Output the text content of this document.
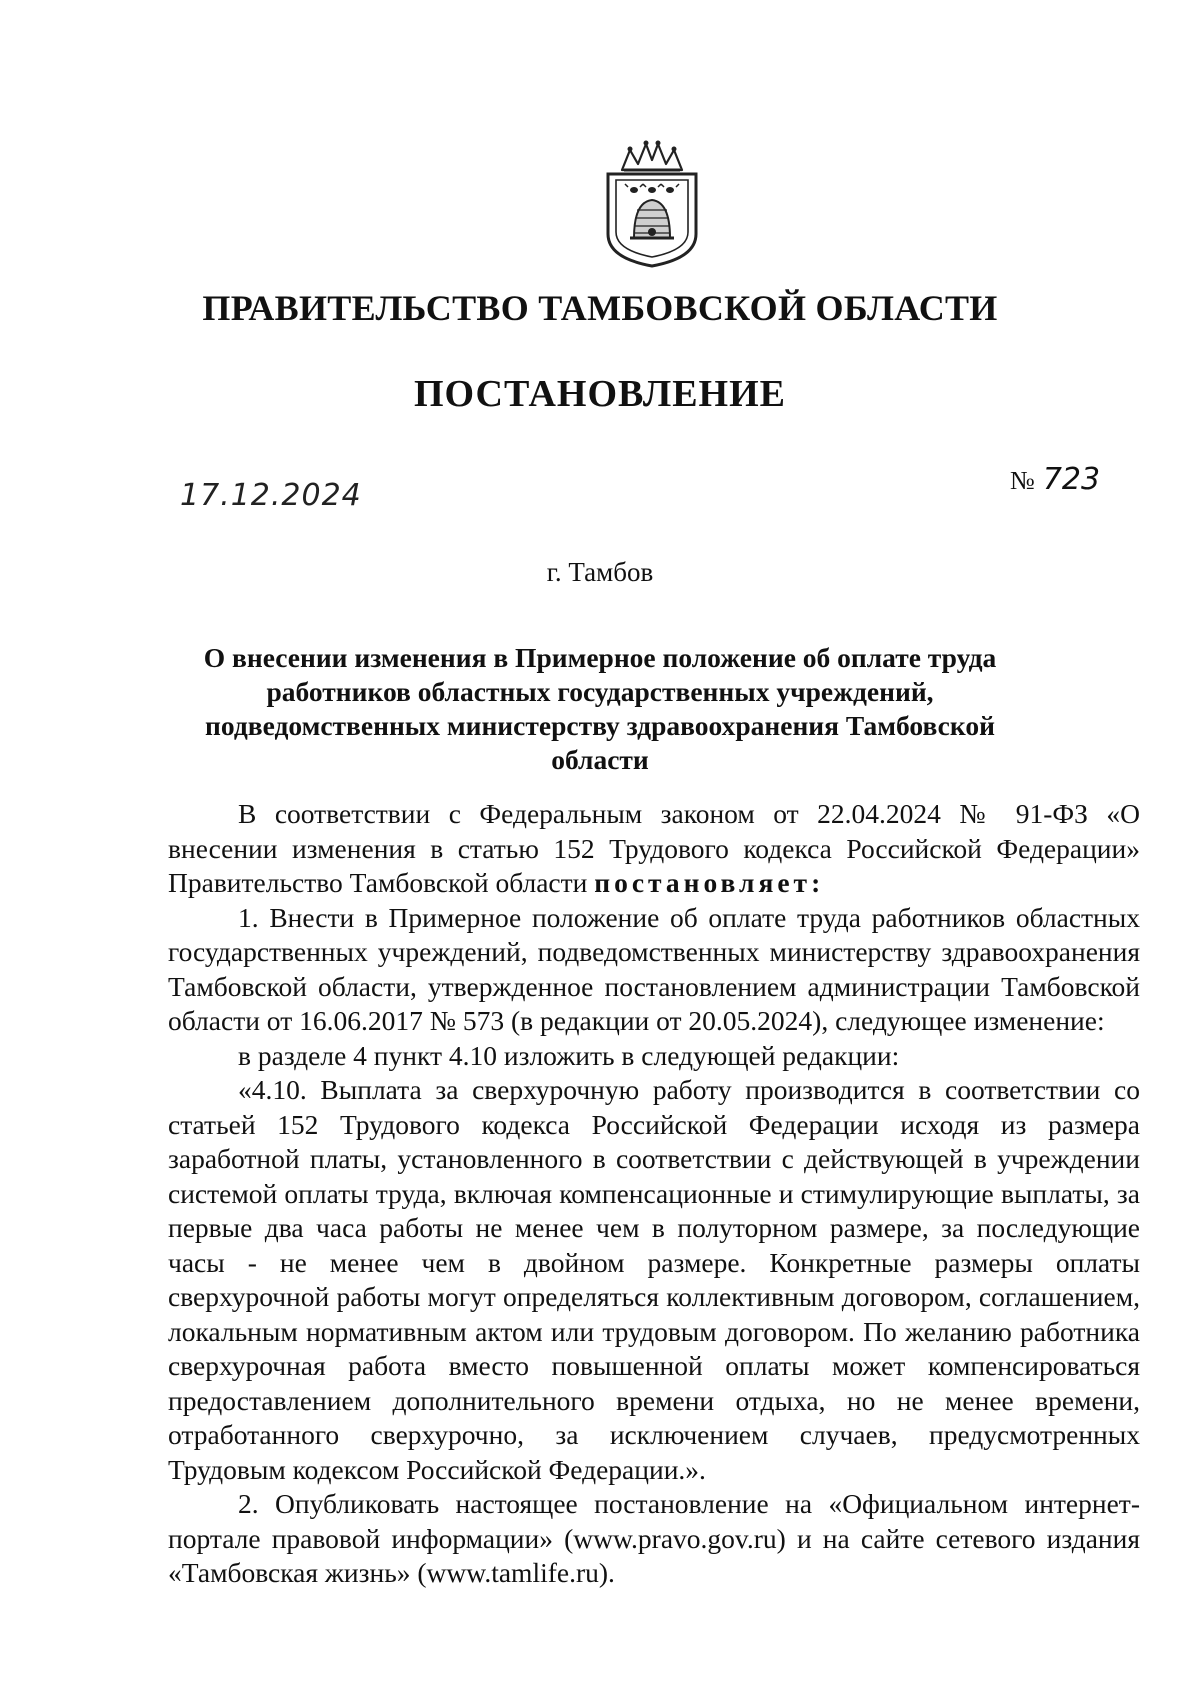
ПРАВИТЕЛЬСТВО ТАМБОВСКОЙ ОБЛАСТИ
ПОСТАНОВЛЕНИЕ
17.12.2024	№ 723
г. Тамбов
О внесении изменения в Примерное положение об оплате труда работников областных государственных учреждений, подведомственных министерству здравоохранения Тамбовской области

В соответствии с Федеральным законом от 22.04.2024 № 91-ФЗ «О внесении изменения в статью 152 Трудового кодекса Российской Федерации» Правительство Тамбовской области постановляет:

1. Внести в Примерное положение об оплате труда работников областных государственных учреждений, подведомственных министерству здравоохранения Тамбовской области, утвержденное постановлением администрации Тамбовской области от 16.06.2017 № 573 (в редакции от 20.05.2024), следующее изменение:

в разделе 4 пункт 4.10 изложить в следующей редакции:

«4.10. Выплата за сверхурочную работу производится в соответствии со статьей 152 Трудового кодекса Российской Федерации исходя из размера заработной платы, установленного в соответствии с действующей в учреждении системой оплаты труда, включая компенсационные и стимулирующие выплаты, за первые два часа работы не менее чем в полуторном размере, за последующие часы - не менее чем в двойном размере. Конкретные размеры оплаты сверхурочной работы могут определяться коллективным договором, соглашением, локальным нормативным актом или трудовым договором. По желанию работника сверхурочная работа вместо повышенной оплаты может компенсироваться предоставлением дополнительного времени отдыха, но не менее времени, отработанного сверхурочно, за исключением случаев, предусмотренных Трудовым кодексом Российской Федерации.».

2. Опубликовать настоящее постановление на «Официальном интернет-портале правовой информации» (www.pravo.gov.ru) и на сайте сетевого издания «Тамбовская жизнь» (www.tamlife.ru).
